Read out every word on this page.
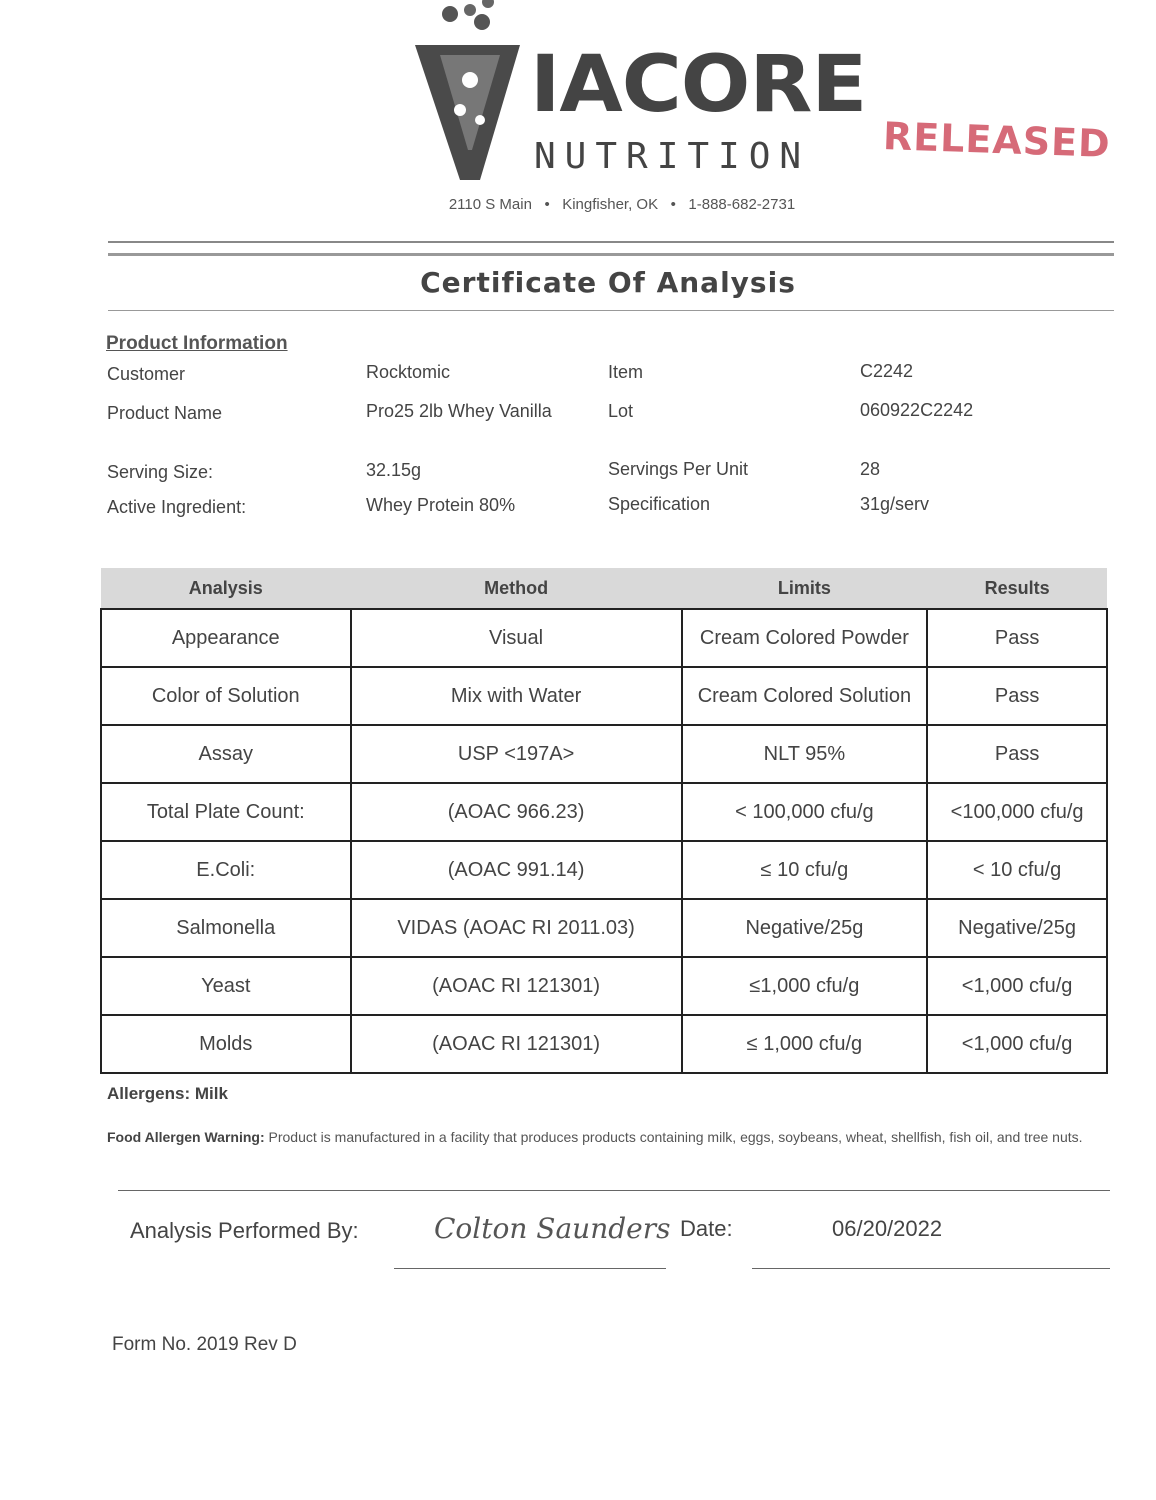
IACORE
NUTRITION
2110 S Main • Kingfisher, OK • 1-888-682-2731
RELEASED
Certificate Of Analysis
Product Information
Customer	Rocktomic	Item	C2242
Product Name	Pro25 2lb Whey Vanilla	Lot	060922C2242
Serving Size:	32.15g	Servings Per Unit	28
Active Ingredient:	Whey Protein 80%	Specification	31g/serv
Analysis	Method	Limits	Results
Appearance	Visual	Cream Colored Powder	Pass
Color of Solution	Mix with Water	Cream Colored Solution	Pass
Assay	USP <197A>	NLT 95%	Pass
Total Plate Count:	(AOAC 966.23)	< 100,000 cfu/g	<100,000 cfu/g
E.Coli:	(AOAC 991.14)	≤ 10 cfu/g	< 10 cfu/g
Salmonella	VIDAS (AOAC RI 2011.03)	Negative/25g	Negative/25g
Yeast	(AOAC RI 121301)	≤1,000 cfu/g	<1,000 cfu/g
Molds	(AOAC RI 121301)	≤ 1,000 cfu/g	<1,000 cfu/g
Allergens: Milk
Food Allergen Warning: Product is manufactured in a facility that produces products containing milk, eggs, soybeans, wheat, shellfish, fish oil, and tree nuts.
Analysis Performed By:	Colton Saunders Date:	06/20/2022
Form No. 2019 Rev D
